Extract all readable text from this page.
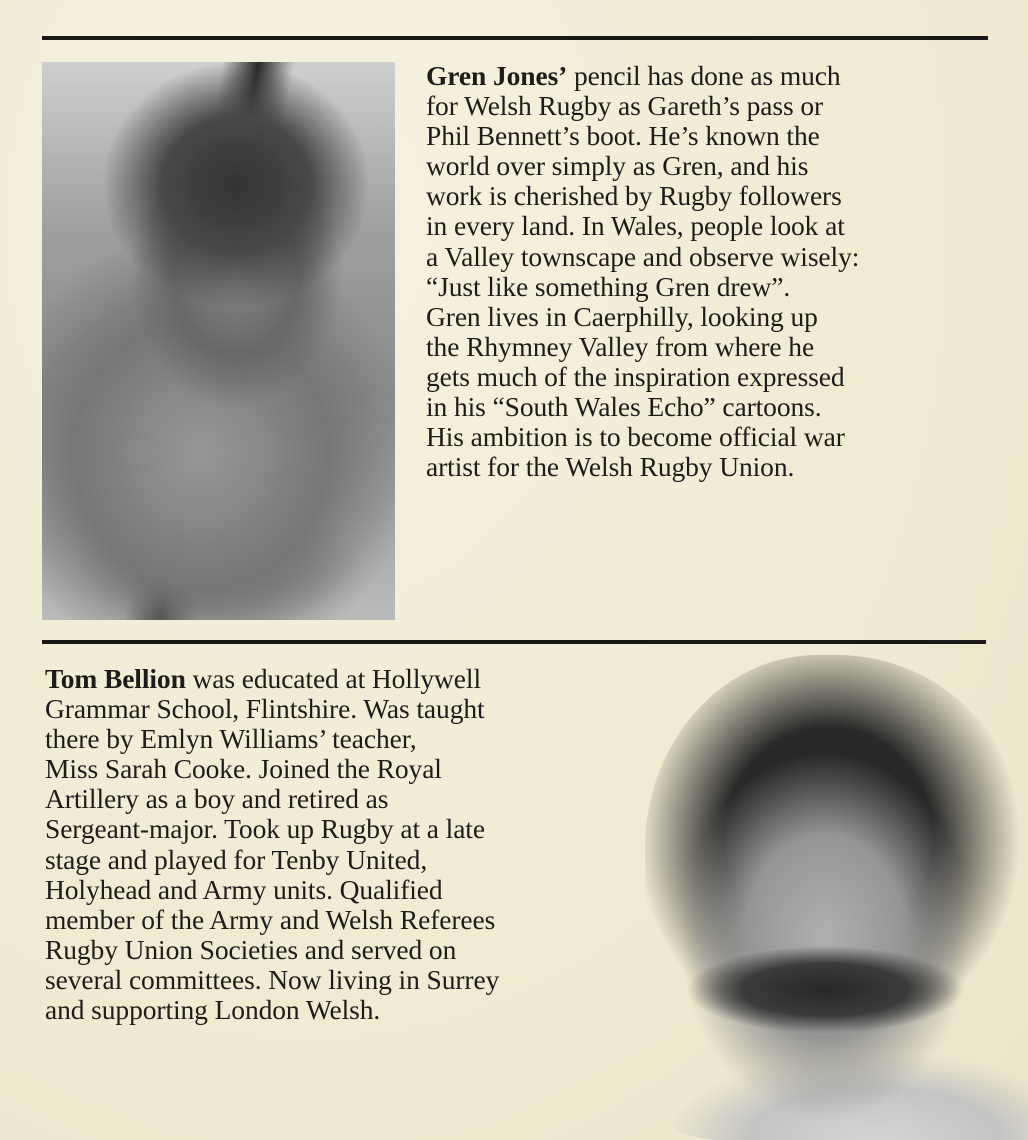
Gren Jones’ pencil has done as much

for Welsh Rugby as Gareth’s pass or

Phil Bennett’s boot. He’s known the

world over simply as Gren, and his

work is cherished by Rugby followers

in every land. In Wales, people look at

a Valley townscape and observe wisely:

“Just like something Gren drew”.

Gren lives in Caerphilly, looking up

the Rhymney Valley from where he

gets much of the inspiration expressed

in his “South Wales Echo” cartoons.

His ambition is to become official war

artist for the Welsh Rugby Union.

Tom Bellion was educated at Hollywell

Grammar School, Flintshire. Was taught

there by Emlyn Williams’ teacher,

Miss Sarah Cooke. Joined the Royal

Artillery as a boy and retired as

Sergeant-major. Took up Rugby at a late

stage and played for Tenby United,

Holyhead and Army units. Qualified

member of the Army and Welsh Referees

Rugby Union Societies and served on

several committees. Now living in Surrey

and supporting London Welsh.
